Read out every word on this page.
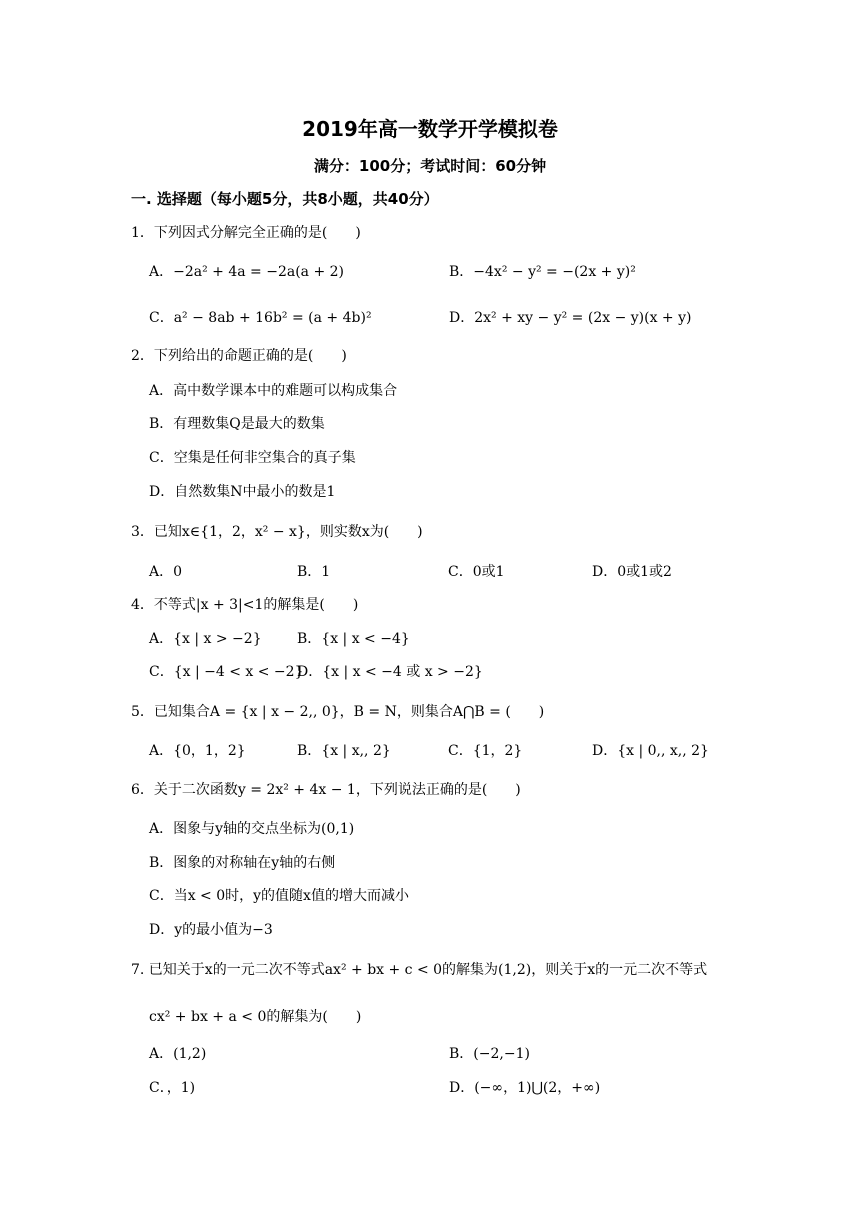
2019年高一数学开学模拟卷
满分：100分；考试时间：60分钟
一. 选择题（每小题5分，共8小题，共40分）
1．下列因式分解完全正确的是(　　)
A．−2a² + 4a = −2a(a + 2)	B．−4x² − y² = −(2x + y)²
C．a² − 8ab + 16b² = (a + 4b)²	D．2x² + xy − y² = (2x − y)(x + y)
2．下列给出的命题正确的是(　　)
A．高中数学课本中的难题可以构成集合
B．有理数集Q是最大的数集
C．空集是任何非空集合的真子集
D．自然数集N中最小的数是1
3．已知x∈{1，2，x² − x}，则实数x为(　　)
A．0	B．1	C．0或1	D．0或1或2
4．不等式|x + 3|<1的解集是(　　)
A．{x | x > −2}	B．{x | x < −4}
C．{x | −4 < x < −2}
D．{x | x < −4 或 x > −2}
5．已知集合A = {x | x − 2,, 0}，B = N，则集合A⋂B = (　　)
A．{0，1，2}	B．{x | x,, 2}	C．{1，2}	D．{x | 0,, x,, 2}
6．关于二次函数y = 2x² + 4x − 1，下列说法正确的是(　　)
A．图象与y轴的交点坐标为(0,1)
B．图象的对称轴在y轴的右侧
C．当x < 0时，y的值随x值的增大而减小
D．y的最小值为−3
7. 已知关于x的一元二次不等式ax² + bx + c < 0的解集为(1,2)，则关于x的一元二次不等式
cx² + bx + a < 0的解集为(　　)
A．(1,2)	B．(−2,−1)
C．，1)	D．(−∞，1)⋃(2，+∞)
